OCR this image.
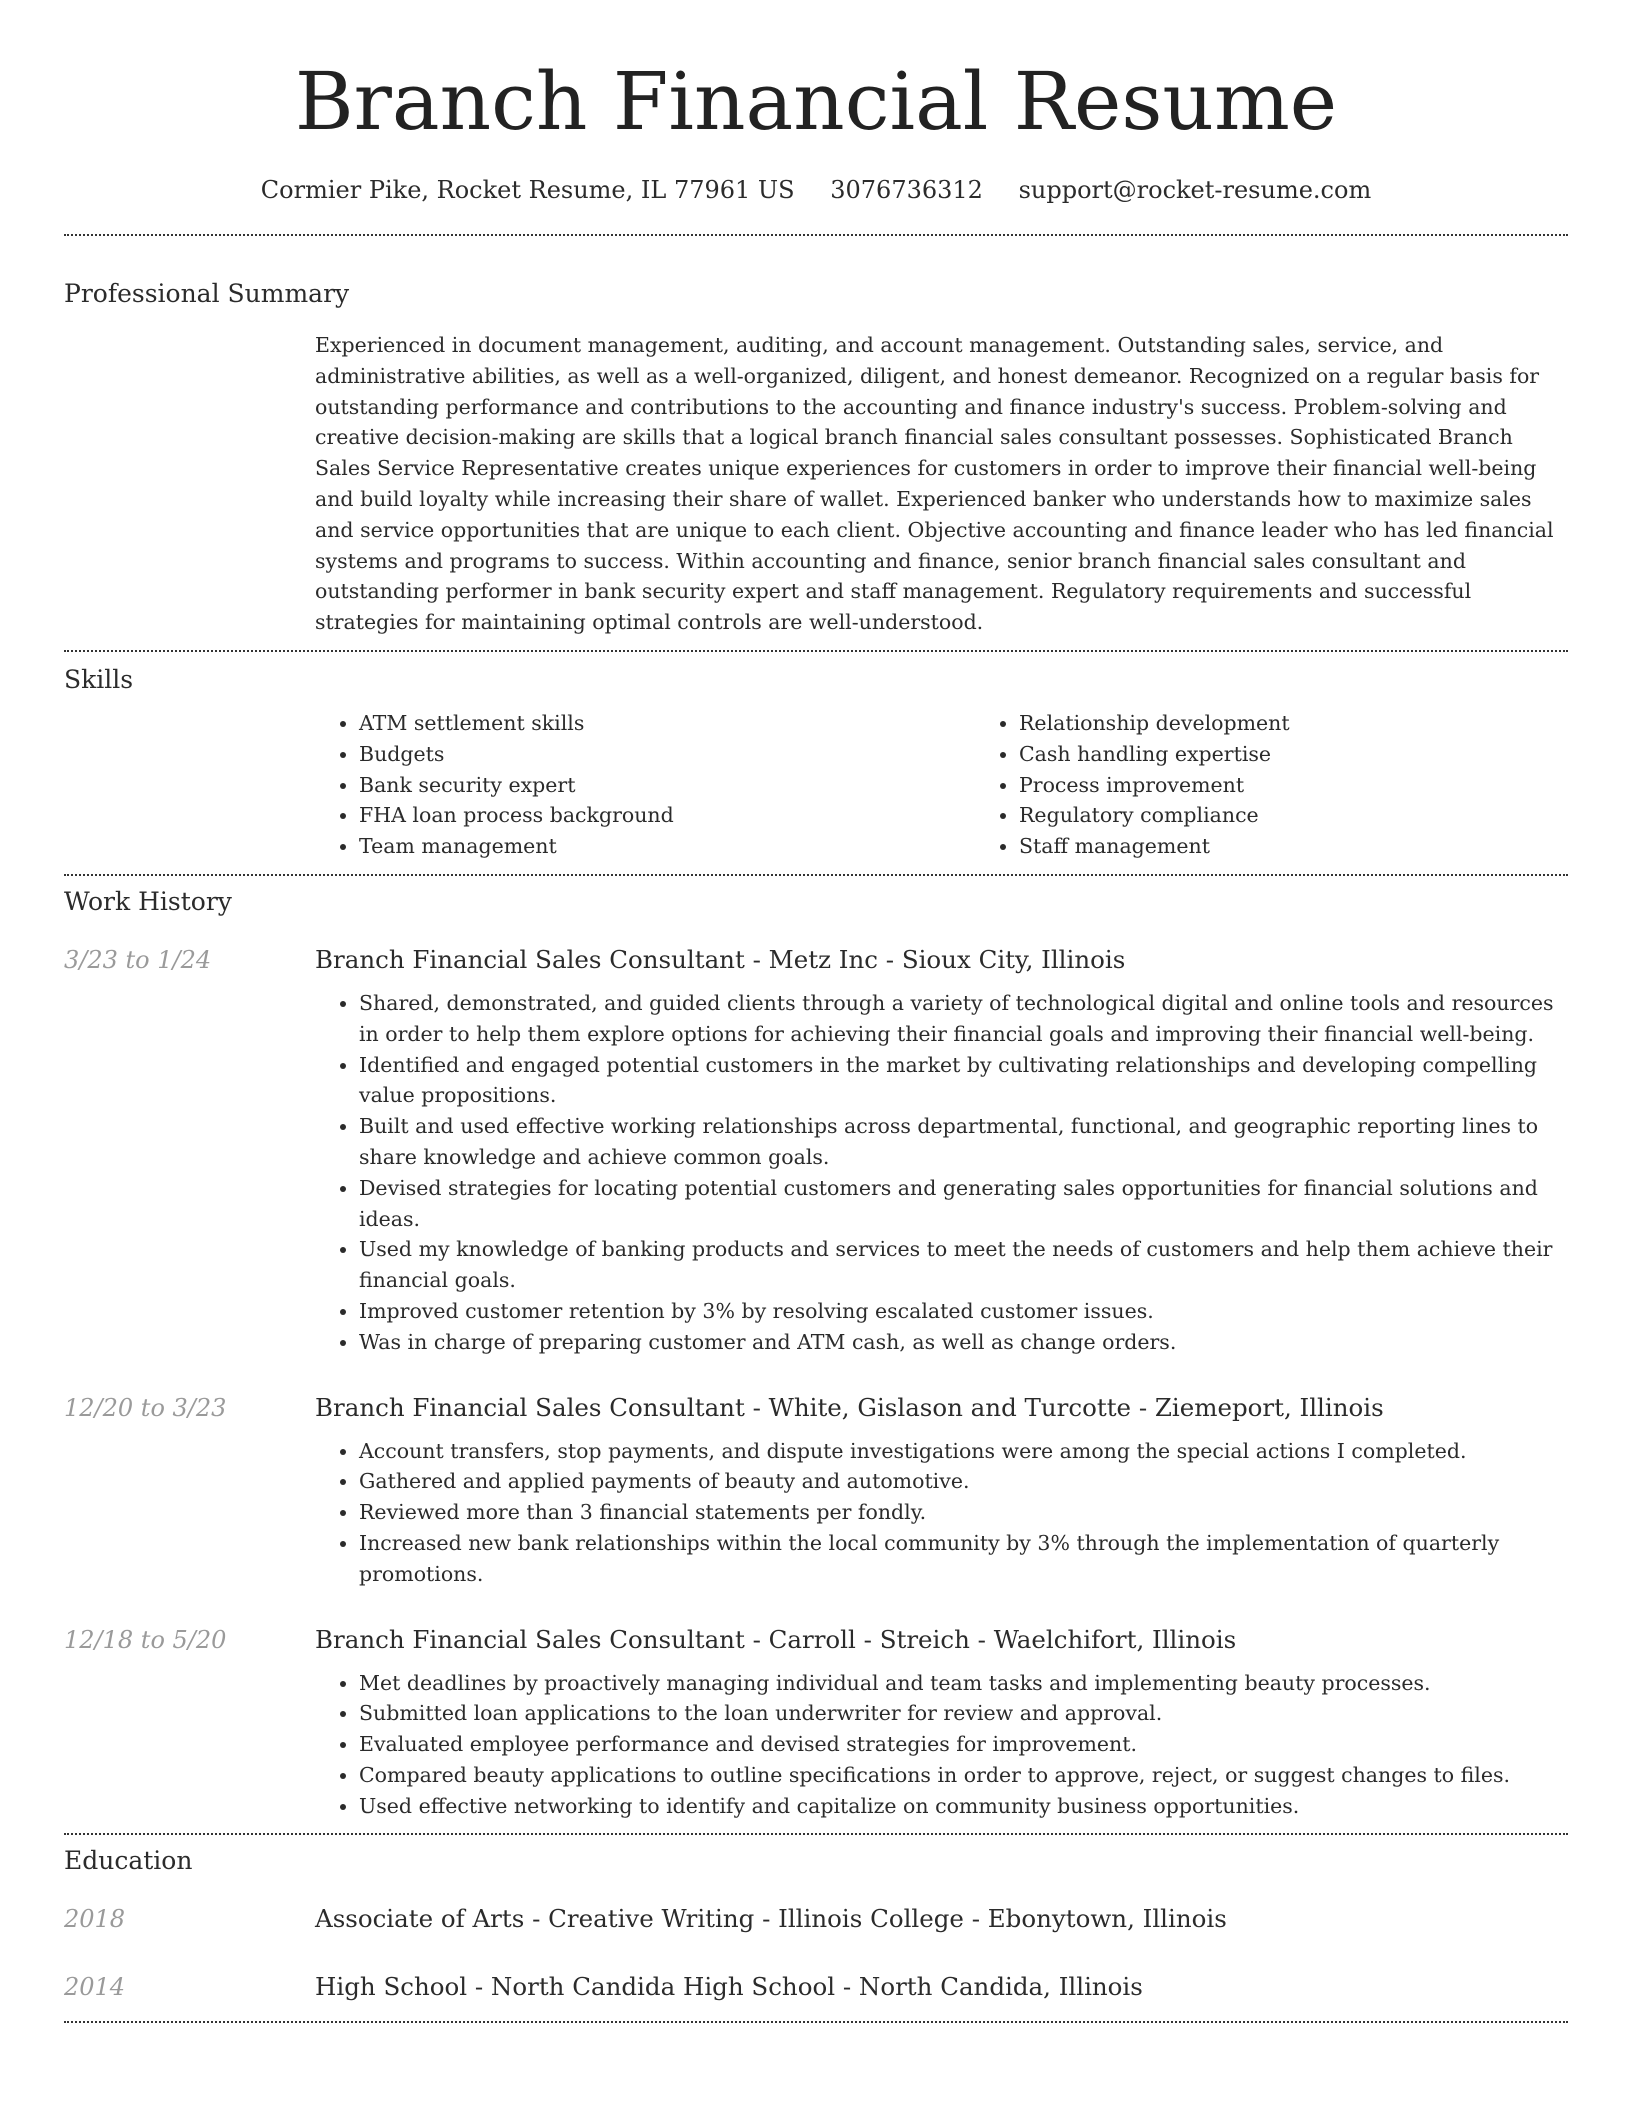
Branch Financial Resume
Cormier Pike, Rocket Resume, IL 77961 US 3076736312 support@rocket-resume.com
Professional Summary
Experienced in document management, auditing, and account management. Outstanding sales, service, and administrative abilities, as well as a well-organized, diligent, and honest demeanor. Recognized on a regular basis for outstanding performance and contributions to the accounting and finance industry's success. Problem-solving and creative decision-making are skills that a logical branch financial sales consultant possesses. Sophisticated Branch Sales Service Representative creates unique experiences for customers in order to improve their financial well-being and build loyalty while increasing their share of wallet. Experienced banker who understands how to maximize sales and service opportunities that are unique to each client. Objective accounting and finance leader who has led financial systems and programs to success. Within accounting and finance, senior branch financial sales consultant and outstanding performer in bank security expert and staff management. Regulatory requirements and successful strategies for maintaining optimal controls are well-understood.
Skills
• ATM settlement skills
• Budgets
• Bank security expert
• FHA loan process background
• Team management
• Relationship development
• Cash handling expertise
• Process improvement
• Regulatory compliance
• Staff management
Work History
3/23 to 1/24	Branch Financial Sales Consultant - Metz Inc - Sioux City, Illinois
• Shared, demonstrated, and guided clients through a variety of technological digital and online tools and resources in order to help them explore options for achieving their financial goals and improving their financial well-being.
• Identified and engaged potential customers in the market by cultivating relationships and developing compelling value propositions.
• Built and used effective working relationships across departmental, functional, and geographic reporting lines to share knowledge and achieve common goals.
• Devised strategies for locating potential customers and generating sales opportunities for financial solutions and ideas.
• Used my knowledge of banking products and services to meet the needs of customers and help them achieve their financial goals.
• Improved customer retention by 3% by resolving escalated customer issues.
• Was in charge of preparing customer and ATM cash, as well as change orders.
12/20 to 3/23	Branch Financial Sales Consultant - White, Gislason and Turcotte - Ziemeport, Illinois
• Account transfers, stop payments, and dispute investigations were among the special actions I completed.
• Gathered and applied payments of beauty and automotive.
• Reviewed more than 3 financial statements per fondly.
• Increased new bank relationships within the local community by 3% through the implementation of quarterly promotions.
12/18 to 5/20	Branch Financial Sales Consultant - Carroll - Streich - Waelchifort, Illinois
• Met deadlines by proactively managing individual and team tasks and implementing beauty processes.
• Submitted loan applications to the loan underwriter for review and approval.
• Evaluated employee performance and devised strategies for improvement.
• Compared beauty applications to outline specifications in order to approve, reject, or suggest changes to files.
• Used effective networking to identify and capitalize on community business opportunities.
Education
2018	Associate of Arts - Creative Writing - Illinois College - Ebonytown, Illinois
2014	High School - North Candida High School - North Candida, Illinois
